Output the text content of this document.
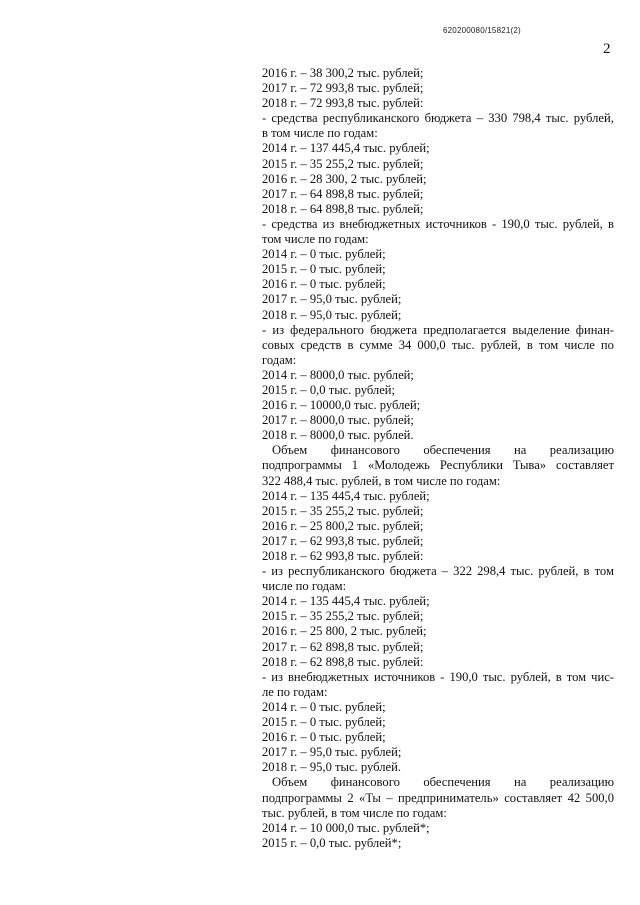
620200080/15821(2)
2
2016 г. – 38 300,2 тыс. рублей;
2017 г. – 72 993,8 тыс. рублей;
2018 г. – 72 993,8 тыс. рублей:
- средства республиканского бюджета – 330 798,4 тыс. рублей,
в том числе по годам:
2014 г. – 137 445,4 тыс. рублей;
2015 г. – 35 255,2 тыс. рублей;
2016 г. – 28 300, 2 тыс. рублей;
2017 г. – 64 898,8 тыс. рублей;
2018 г. – 64 898,8 тыс. рублей;
- средства из внебюджетных источников - 190,0 тыс. рублей, в
том числе по годам:
2014 г. – 0 тыс. рублей;
2015 г. – 0 тыс. рублей;
2016 г. – 0 тыс. рублей;
2017 г. – 95,0 тыс. рублей;
2018 г. – 95,0 тыс. рублей;
- из федерального бюджета предполагается выделение финан-
совых средств в сумме 34 000,0 тыс. рублей, в том числе по
годам:
2014 г. – 8000,0 тыс. рублей;
2015 г. – 0,0 тыс. рублей;
2016 г. – 10000,0 тыс. рублей;
2017 г. – 8000,0 тыс. рублей;
2018 г. – 8000,0 тыс. рублей.
Объем финансового обеспечения на реализацию
подпрограммы 1 «Молодежь Республики Тыва» составляет
322 488,4 тыс. рублей, в том числе по годам:
2014 г. – 135 445,4 тыс. рублей;
2015 г. – 35 255,2 тыс. рублей;
2016 г. – 25 800,2 тыс. рублей;
2017 г. – 62 993,8 тыс. рублей;
2018 г. – 62 993,8 тыс. рублей:
- из республиканского бюджета – 322 298,4 тыс. рублей, в том
числе по годам:
2014 г. – 135 445,4 тыс. рублей;
2015 г. – 35 255,2 тыс. рублей;
2016 г. – 25 800, 2 тыс. рублей;
2017 г. – 62 898,8 тыс. рублей;
2018 г. – 62 898,8 тыс. рублей:
- из внебюджетных источников - 190,0 тыс. рублей, в том чис-
ле по годам:
2014 г. – 0 тыс. рублей;
2015 г. – 0 тыс. рублей;
2016 г. – 0 тыс. рублей;
2017 г. – 95,0 тыс. рублей;
2018 г. – 95,0 тыс. рублей.
Объем финансового обеспечения на реализацию
подпрограммы 2 «Ты – предприниматель» составляет 42 500,0
тыс. рублей, в том числе по годам:
2014 г. – 10 000,0 тыс. рублей*;
2015 г. – 0,0 тыс. рублей*;
